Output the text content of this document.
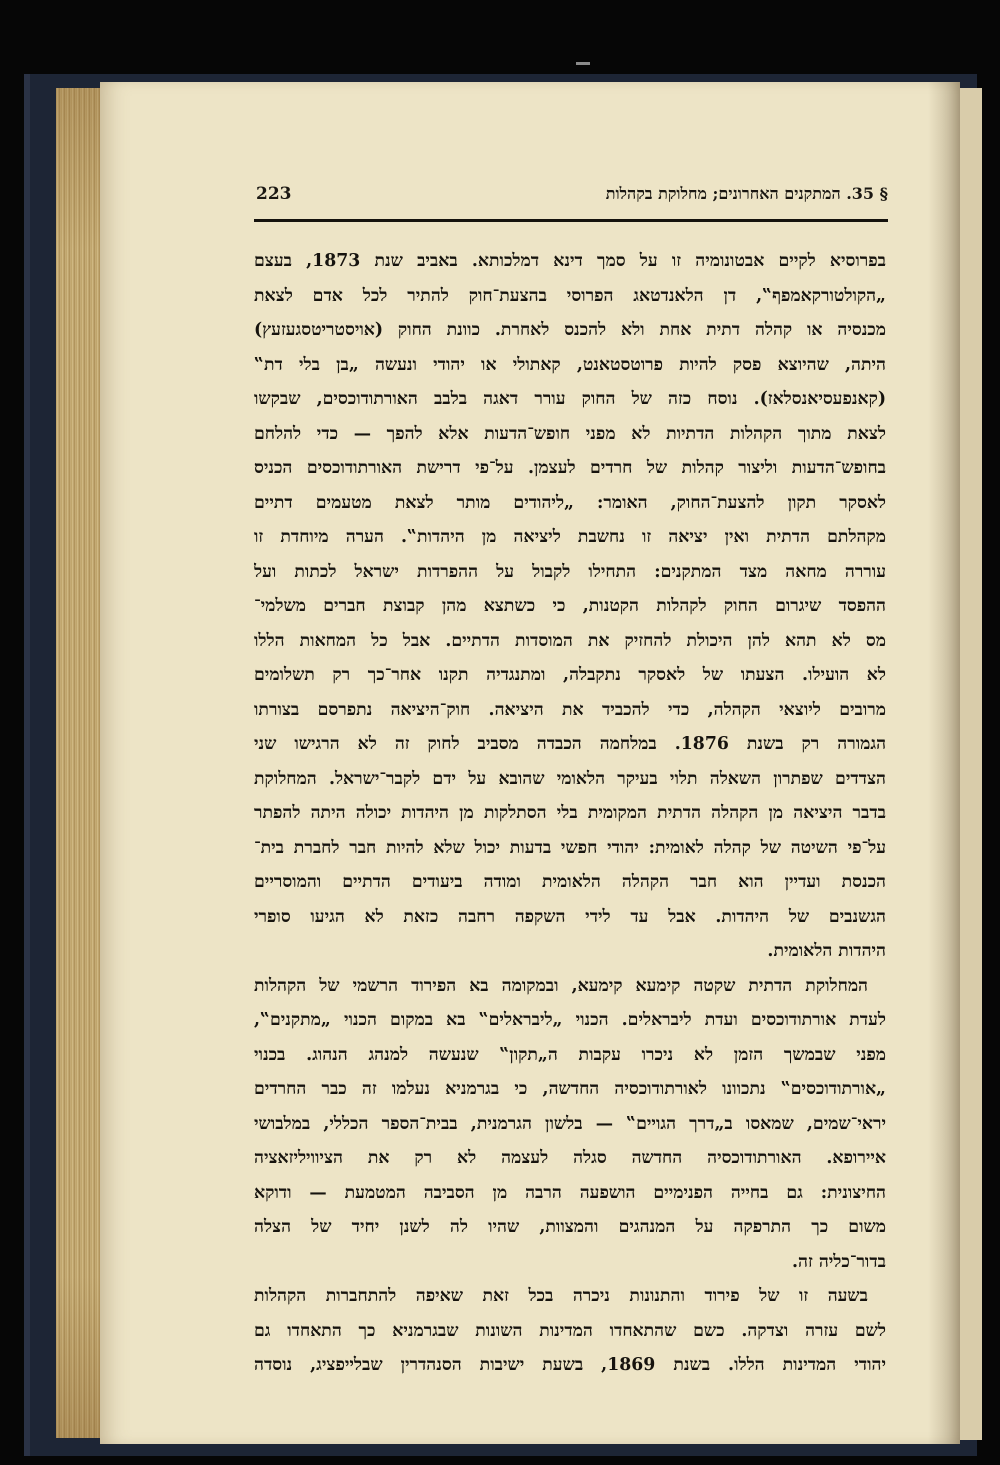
223	§ 35. המתקנים האחרונים; מחלוקת בקהלות
בפרוסיא לקיים אבטונומיה זו על סמך דינא דמלכותא. באביב שנת 1873, בעצם
„הקולטורקאמפף‟, דן הלאנדטאג הפרוסי בהצעת־חוק להתיר לכל אדם לצאת
מכנסיה או קהלה דתית אחת ולא להכנס לאחרת. כוונת החוק (אויסטריטסגעזעץ)
היתה, שהיוצא פסק להיות פרוטסטאנט, קאתולי או יהודי ונעשה „בן בלי דת‟
(קאנפעסיאנסלאז). נוסח כזה של החוק עורר דאגה בלבב האורתודוכסים, שבקשו
לצאת מתוך הקהלות הדתיות לא מפני חופש־הדעות אלא להפך — כדי להלחם
בחופש־הדעות וליצור קהלות של חרדים לעצמן. על־פי דרישת האורתודוכסים הכניס
לאסקר תקון להצעת־החוק, האומר: „ליהודים מותר לצאת מטעמים דתיים
מקהלתם הדתית ואין יציאה זו נחשבת ליציאה מן היהדות‟. הערה מיוחדת זו
עוררה מחאה מצד המתקנים: התחילו לקבול על ההפרדות ישראל לכתות ועל
ההפסד שיגרום החוק לקהלות הקטנות, כי כשתצא מהן קבוצת חברים משלמי־
מס לא תהא להן היכולת להחזיק את המוסדות הדתיים. אבל כל המחאות הללו
לא הועילו. הצעתו של לאסקר נתקבלה, ומתנגדיה תקנו אחר־כך רק תשלומים
מרובים ליוצאי הקהלה, כדי להכביד את היציאה. חוק־היציאה נתפרסם בצורתו
הגמורה רק בשנת 1876. במלחמה הכבדה מסביב לחוק זה לא הרגישו שני
הצדדים שפתרון השאלה תלוי בעיקר הלאומי שהובא על ידם לקבר־ישראל. המחלוקת
בדבר היציאה מן הקהלה הדתית המקומית בלי הסתלקות מן היהדות יכולה היתה להפתר
על־פי השיטה של קהלה לאומית: יהודי חפשי בדעות יכול שלא להיות חבר לחברת בית־
הכנסת ועדיין הוא חבר הקהלה הלאומית ומודה ביעודים הדתיים והמוסריים
הגשנבים של היהדות. אבל עד לידי השקפה רחבה כזאת לא הגיעו סופרי
היהדות הלאומית.
המחלוקת הדתית שקטה קימעא קימעא, ובמקומה בא הפירוד הרשמי של הקהלות
לעדת אורתודוכסים ועדת ליבראלים. הכנוי „ליבראלים‟ בא במקום הכנוי „מתקנים‟,
מפני שבמשך הזמן לא ניכרו עקבות ה„תקון‟ שנעשה למנהג הנהוג. בכנוי
„אורתודוכסים‟ נתכוונו לאורתודוכסיה החדשה, כי בגרמניא נעלמו זה כבר החרדים
יראי־שמים, שמאסו ב„דרך הגויים‟ — בלשון הגרמנית, בבית־הספר הכללי, במלבושי
איירופא. האורתודוכסיה החדשה סגלה לעצמה לא רק את הציוויליזאציה
החיצונית: גם בחייה הפנימיים הושפעה הרבה מן הסביבה המטמעת — ודוקא
משום כך התרפקה על המנהגים והמצוות, שהיו לה לשנן יחיד של הצלה
בדור־כליה זה.
בשעה זו של פירוד והתנונות ניכרה בכל זאת שאיפה להתחברות הקהלות
לשם עזרה וצדקה. כשם שהתאחדו המדינות השונות שבגרמניא כך התאחדו גם
יהודי המדינות הללו. בשנת 1869, בשעת ישיבות הסנהדרין שבלייפציג, נוסדה
